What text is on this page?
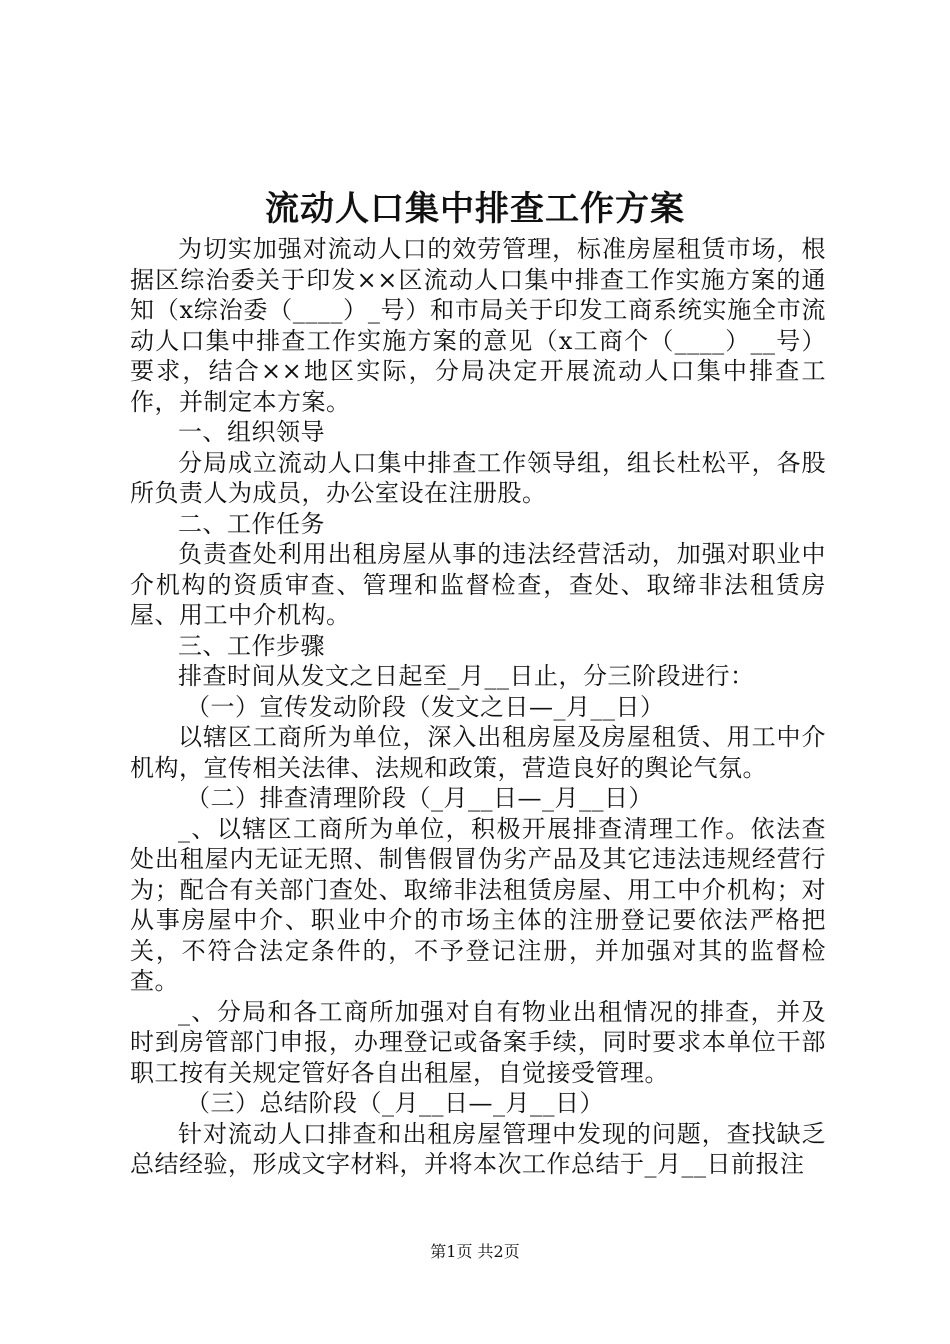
流动人口集中排查工作方案

为切实加强对流动人口的效劳管理，标准房屋租赁市场，根据区综治委关于印发××区流动人口集中排查工作实施方案的通知（x综治委（____）_号）和市局关于印发工商系统实施全市流动人口集中排查工作实施方案的意见（x工商个（____）__号）要求，结合××地区实际，分局决定开展流动人口集中排查工作，并制定本方案。

一、组织领导

分局成立流动人口集中排查工作领导组，组长杜松平，各股所负责人为成员，办公室设在注册股。

二、工作任务

负责查处利用出租房屋从事的违法经营活动，加强对职业中介机构的资质审查、管理和监督检查，查处、取缔非法租赁房屋、用工中介机构。

三、工作步骤

排查时间从发文之日起至_月__日止，分三阶段进行：

（一）宣传发动阶段（发文之日—_月__日）

以辖区工商所为单位，深入出租房屋及房屋租赁、用工中介机构，宣传相关法律、法规和政策，营造良好的舆论气氛。

（二）排查清理阶段（_月__日—_月__日）

_、以辖区工商所为单位，积极开展排查清理工作。依法查处出租屋内无证无照、制售假冒伪劣产品及其它违法违规经营行为；配合有关部门查处、取缔非法租赁房屋、用工中介机构；对从事房屋中介、职业中介的市场主体的注册登记要依法严格把关，不符合法定条件的，不予登记注册，并加强对其的监督检查。

_、分局和各工商所加强对自有物业出租情况的排查，并及时到房管部门申报，办理登记或备案手续，同时要求本单位干部职工按有关规定管好各自出租屋，自觉接受管理。

（三）总结阶段（_月__日—_月__日）

针对流动人口排查和出租房屋管理中发现的问题，查找缺乏总结经验，形成文字材料，并将本次工作总结于_月__日前报注

第1页 共2页
